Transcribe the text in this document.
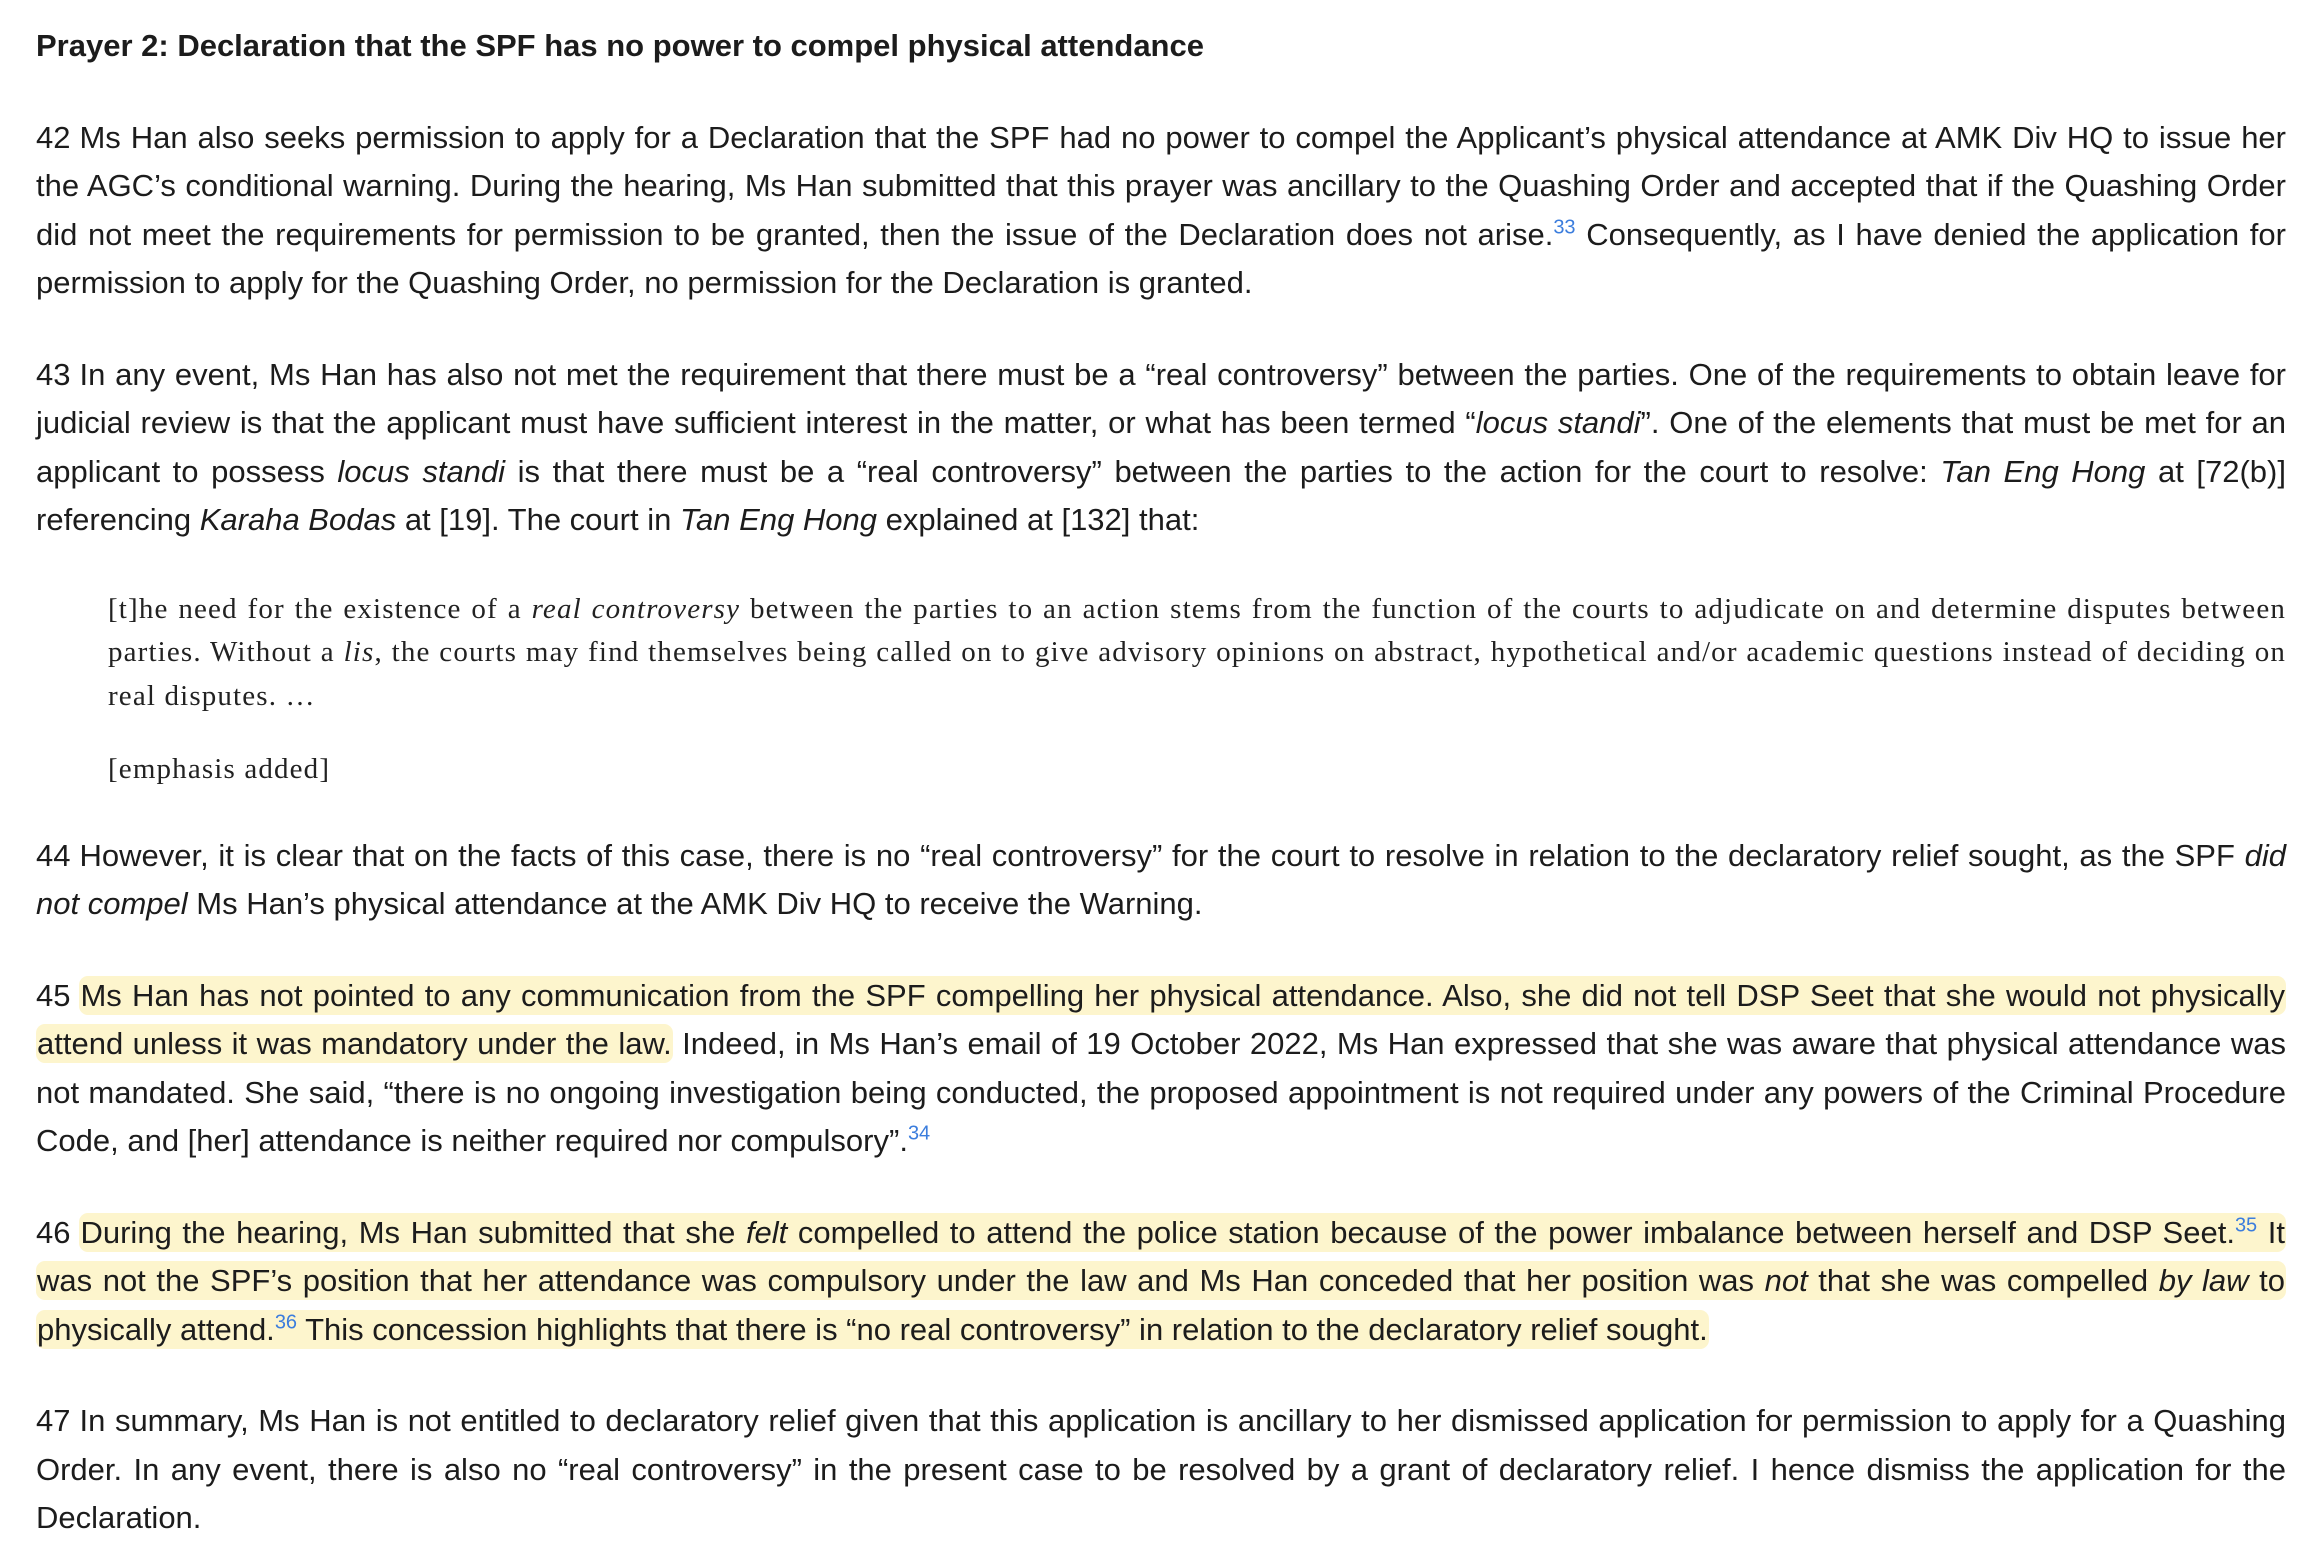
Prayer 2: Declaration that the SPF has no power to compel physical attendance

42 Ms Han also seeks permission to apply for a Declaration that the SPF had no power to compel the Applicant’s physical attendance at AMK Div HQ to issue her the AGC’s conditional warning. During the hearing, Ms Han submitted that this prayer was ancillary to the Quashing Order and accepted that if the Quashing Order did not meet the requirements for permission to be granted, then the issue of the Declaration does not arise.$^{33}$ Consequently, as I have denied the application for permission to apply for the Quashing Order, no permission for the Declaration is granted.

43 In any event, Ms Han has also not met the requirement that there must be a “real controversy” between the parties. One of the requirements to obtain leave for judicial review is that the applicant must have sufficient interest in the matter, or what has been termed “locus standi”. One of the elements that must be met for an applicant to possess locus standi is that there must be a “real controversy” between the parties to the action for the court to resolve: Tan Eng Hong at [72(b)] referencing Karaha Bodas at [19]. The court in Tan Eng Hong explained at [132] that:

[t]he need for the existence of a real controversy between the parties to an action stems from the function of the courts to adjudicate on and determine disputes between parties. Without a lis, the courts may find themselves being called on to give advisory opinions on abstract, hypothetical and/or academic questions instead of deciding on real disputes. …

[emphasis added]

44 However, it is clear that on the facts of this case, there is no “real controversy” for the court to resolve in relation to the declaratory relief sought, as the SPF did not compel Ms Han’s physical attendance at the AMK Div HQ to receive the Warning.

45 Ms Han has not pointed to any communication from the SPF compelling her physical attendance. Also, she did not tell DSP Seet that she would not physically attend unless it was mandatory under the law. Indeed, in Ms Han’s email of 19 October 2022, Ms Han expressed that she was aware that physical attendance was not mandated. She said, “there is no ongoing investigation being conducted, the proposed appointment is not required under any powers of the Criminal Procedure Code, and [her] attendance is neither required nor compulsory”.$^{34}$

46 During the hearing, Ms Han submitted that she felt compelled to attend the police station because of the power imbalance between herself and DSP Seet.$^{35}$ It was not the SPF’s position that her attendance was compulsory under the law and Ms Han conceded that her position was not that she was compelled by law to physically attend.$^{36}$ This concession highlights that there is “no real controversy” in relation to the declaratory relief sought.

47 In summary, Ms Han is not entitled to declaratory relief given that this application is ancillary to her dismissed application for permission to apply for a Quashing Order. In any event, there is also no “real controversy” in the present case to be resolved by a grant of declaratory relief. I hence dismiss the application for the Declaration.
